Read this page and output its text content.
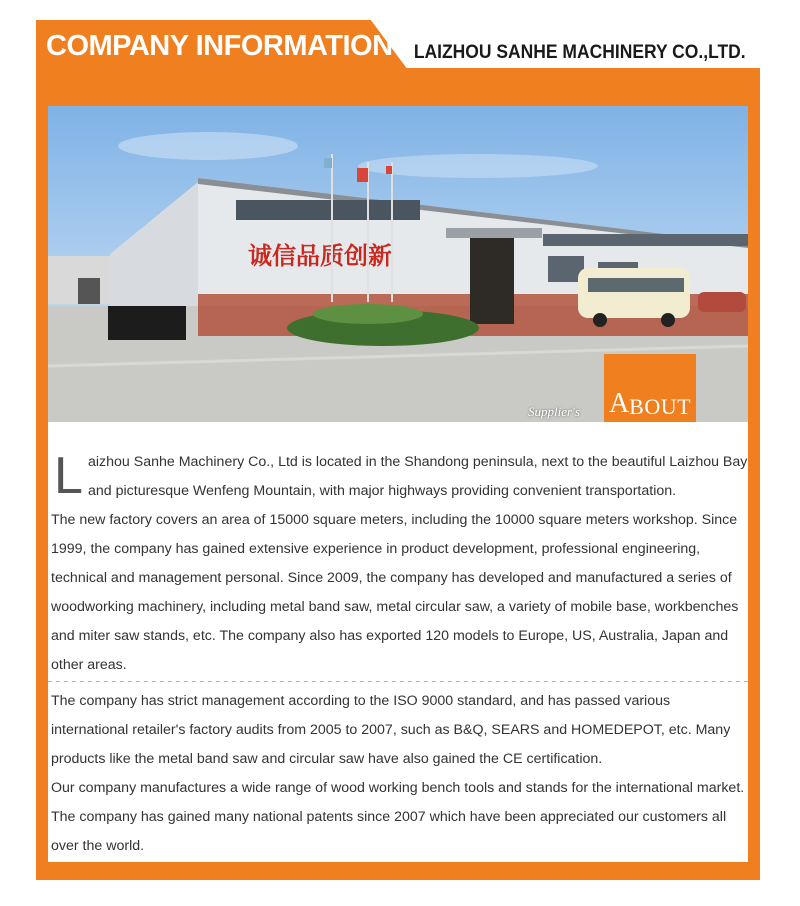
COMPANY INFORMATION LAIZHOU SANHE MACHINERY CO.,LTD.
诚信品质创新
Supplier's A BOUT
L aizhou Sanhe Machinery Co., Ltd is located in the Shandong peninsula, next to the beautiful Laizhou Bay and picturesque Wenfeng Mountain, with major highways providing convenient transportation.

The new factory covers an area of 15000 square meters, including the 10000 square meters workshop. Since 1999, the company has gained extensive experience in product development, professional engineering, technical and management personal. Since 2009, the company has developed and manufactured a series of woodworking machinery, including metal band saw, metal circular saw, a variety of mobile base, workbenches and miter saw stands, etc. The company also has exported 120 models to Europe, US, Australia, Japan and other areas.

The company has strict management according to the ISO 9000 standard, and has passed various international retailer's factory audits from 2005 to 2007, such as B&Q, SEARS and HOMEDEPOT, etc. Many products like the metal band saw and circular saw have also gained the CE certification.

Our company manufactures a wide range of wood working bench tools and stands for the international market. The company has gained many national patents since 2007 which have been appreciated our customers all over the world.
